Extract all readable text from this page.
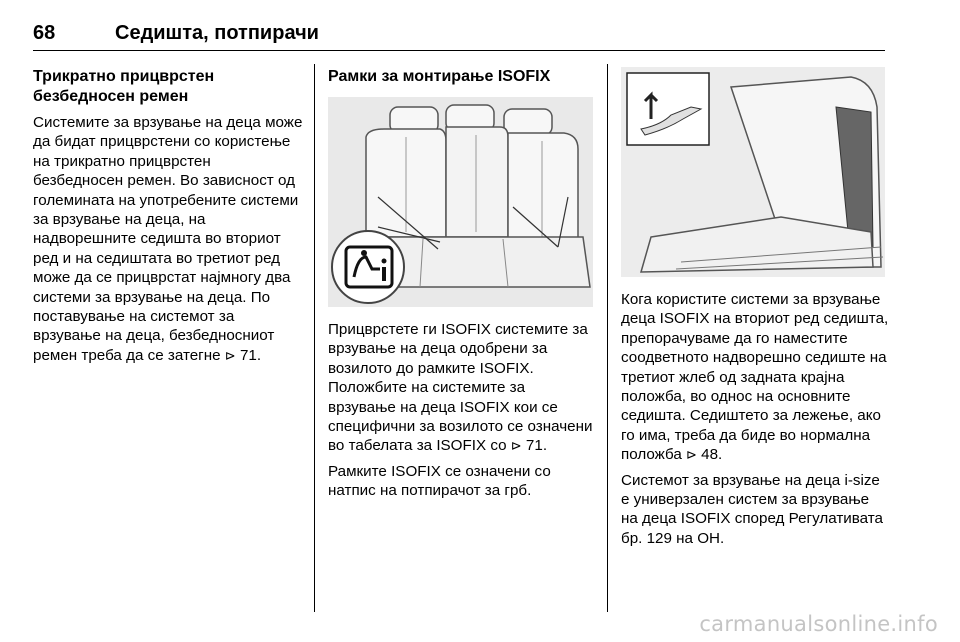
68	Седишта, потпирачи
Трикратно прицврстен безбедносен ремен

Системите за врзување на деца може да бидат прицврстени со користење на трикратно прицврстен безбедносен ремен. Во зависност од големината на употребените системи за врзување на деца, на надворешните седишта во вториот ред и на седиштата во третиот ред може да се прицврстат најмногу два системи за врзување на деца. По поставување на системот за врзување на деца, безбедносниот ремен треба да се затегне ⊳ 71.

Рамки за монтирање ISOFIX

Прицврстете ги ISOFIX системите за врзување на деца одобрени за возилото до рамките ISOFIX. Положбите на системите за врзување на деца ISOFIX кои се специфични за возилото се означени во табелата за ISOFIX со ⊳ 71.

Рамките ISOFIX се означени со натпис на потпирачот за грб.

Кога користите системи за врзување деца ISOFIX на вториот ред седишта, препорачуваме да го наместите соодветното надворешно седиште на третиот жлеб од задната крајна положба, во однос на основните седишта. Седиштето за лежење, ако го има, треба да биде во нормална положба ⊳ 48.

Системот за врзување на деца i-size е универзален систем за врзување на деца ISOFIX според Регулативата бр. 129 на ОН.

carmanualsonline.info
